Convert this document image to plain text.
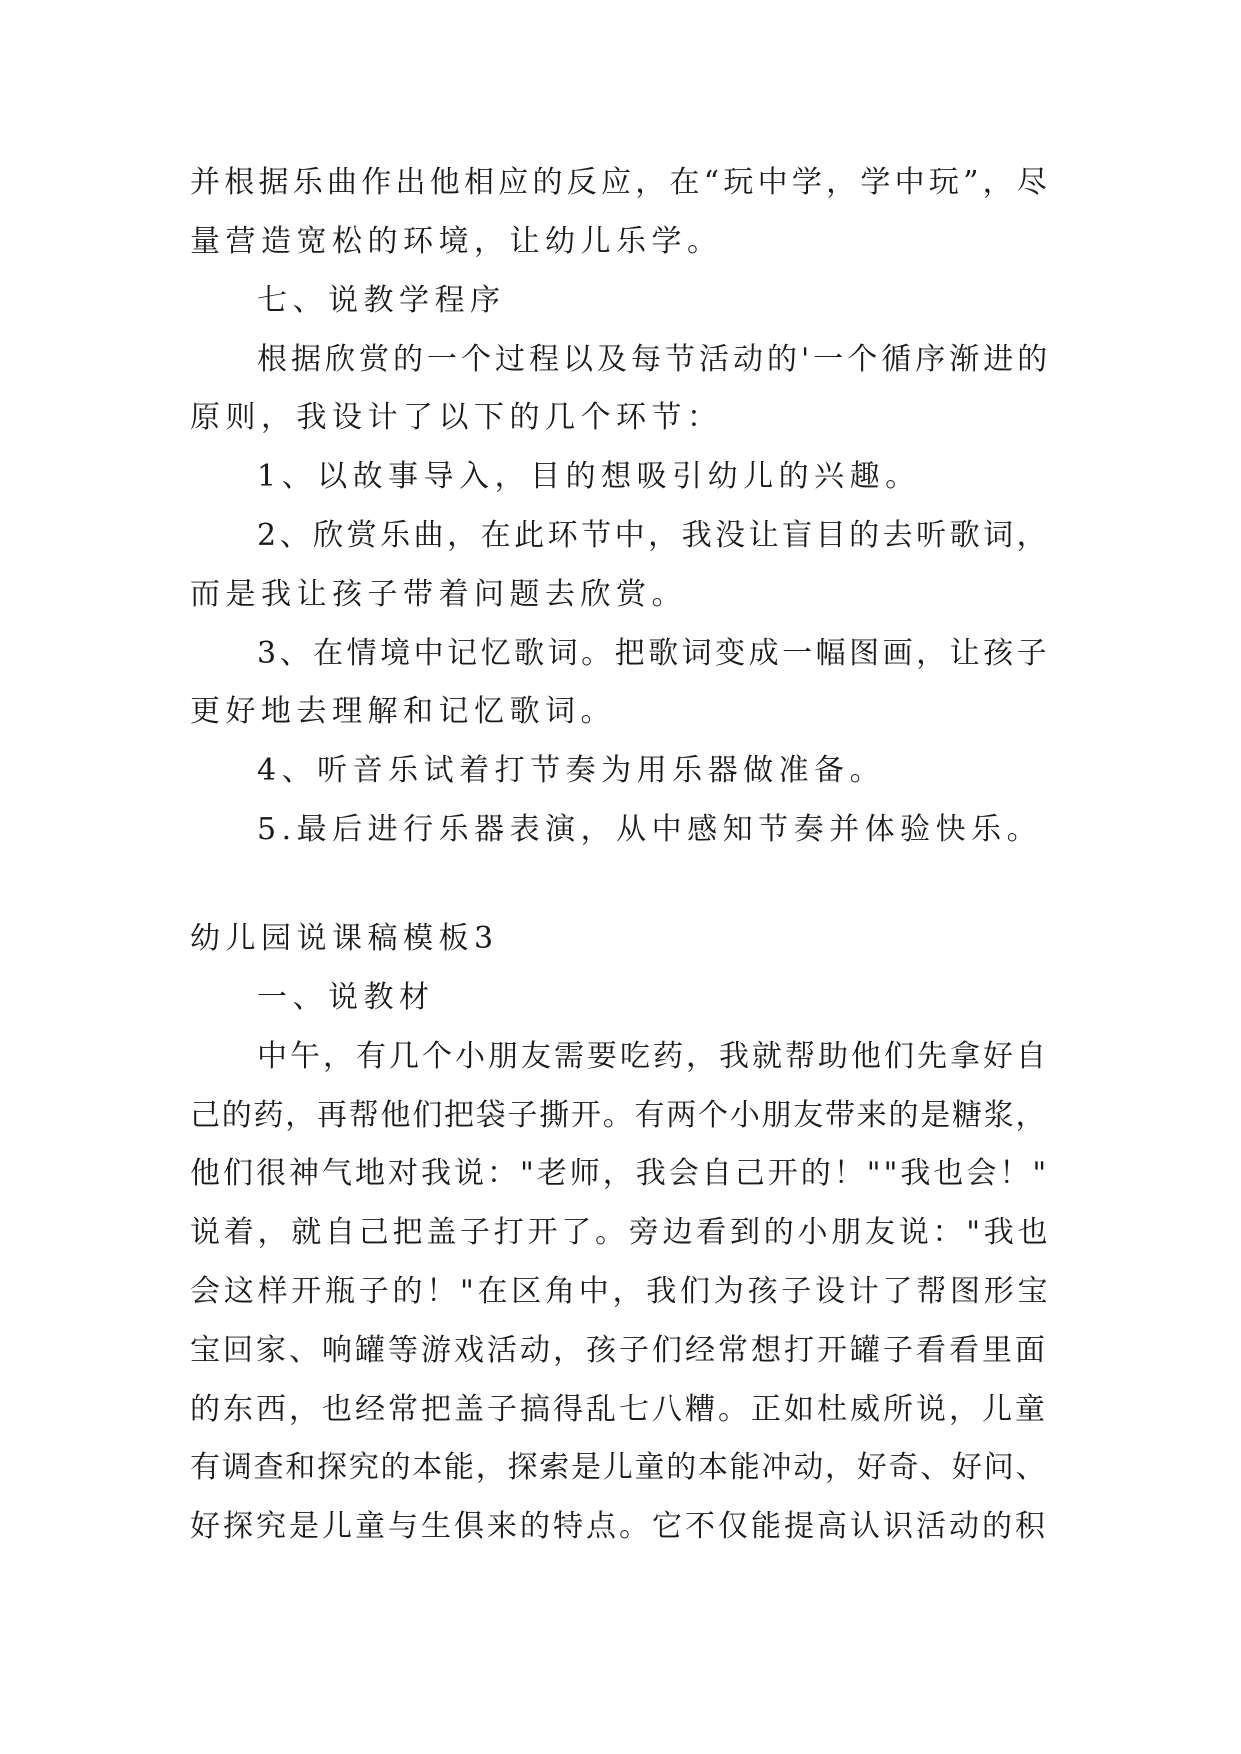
并根据乐曲作出他相应的反应，在“玩中学，学中玩”，尽
量营造宽松的环境，让幼儿乐学。
七、说教学程序
根据欣赏的一个过程以及每节活动的'一个循序渐进的
原则，我设计了以下的几个环节：
1、以故事导入，目的想吸引幼儿的兴趣。
2、欣赏乐曲，在此环节中，我没让盲目的去听歌词，
而是我让孩子带着问题去欣赏。
3、在情境中记忆歌词。把歌词变成一幅图画，让孩子
更好地去理解和记忆歌词。
4、听音乐试着打节奏为用乐器做准备。
5.最后进行乐器表演，从中感知节奏并体验快乐。
幼儿园说课稿模板3
一、说教材
中午，有几个小朋友需要吃药，我就帮助他们先拿好自
己的药，再帮他们把袋子撕开。有两个小朋友带来的是糖浆，
他们很神气地对我说："老师，我会自己开的！""我也会！"
说着，就自己把盖子打开了。旁边看到的小朋友说："我也
会这样开瓶子的！"在区角中，我们为孩子设计了帮图形宝
宝回家、响罐等游戏活动，孩子们经常想打开罐子看看里面
的东西，也经常把盖子搞得乱七八糟。正如杜威所说，儿童
有调查和探究的本能，探索是儿童的本能冲动，好奇、好问、
好探究是儿童与生俱来的特点。它不仅能提高认识活动的积
